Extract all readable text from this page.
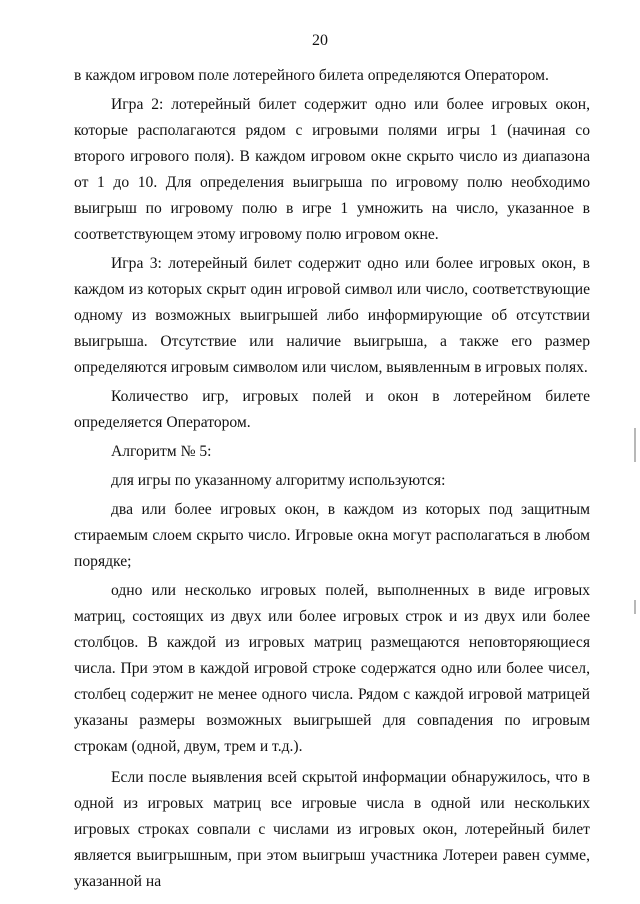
20

в каждом игровом поле лотерейного билета определяются Оператором.

Игра 2: лотерейный билет содержит одно или более игровых окон, которые располагаются рядом с игровыми полями игры 1 (начиная со второго игрового поля). В каждом игровом окне скрыто число из диапазона от 1 до 10. Для определения выигрыша по игровому полю необходимо выигрыш по игровому полю в игре 1 умножить на число, указанное в соответствующем этому игровому полю игровом окне.

Игра 3: лотерейный билет содержит одно или более игровых окон, в каждом из которых скрыт один игровой символ или число, соответствующие одному из возможных выигрышей либо информирующие об отсутствии выигрыша. Отсутствие или наличие выигрыша, а также его размер определяются игровым символом или числом, выявленным в игровых полях.

Количество игр, игровых полей и окон в лотерейном билете определяется Оператором.

Алгоритм № 5:

для игры по указанному алгоритму используются:

два или более игровых окон, в каждом из которых под защитным стираемым слоем скрыто число. Игровые окна могут располагаться в любом порядке;

одно или несколько игровых полей, выполненных в виде игровых матриц, состоящих из двух или более игровых строк и из двух или более столбцов. В каждой из игровых матриц размещаются неповторяющиеся числа. При этом в каждой игровой строке содержатся одно или более чисел, столбец содержит не менее одного числа. Рядом с каждой игровой матрицей указаны размеры возможных выигрышей для совпадения по игровым строкам (одной, двум, трем и т.д.).

Если после выявления всей скрытой информации обнаружилось, что в одной из игровых матриц все игровые числа в одной или нескольких игровых строках совпали с числами из игровых окон, лотерейный билет является выигрышным, при этом выигрыш участника Лотереи равен сумме, указанной на
